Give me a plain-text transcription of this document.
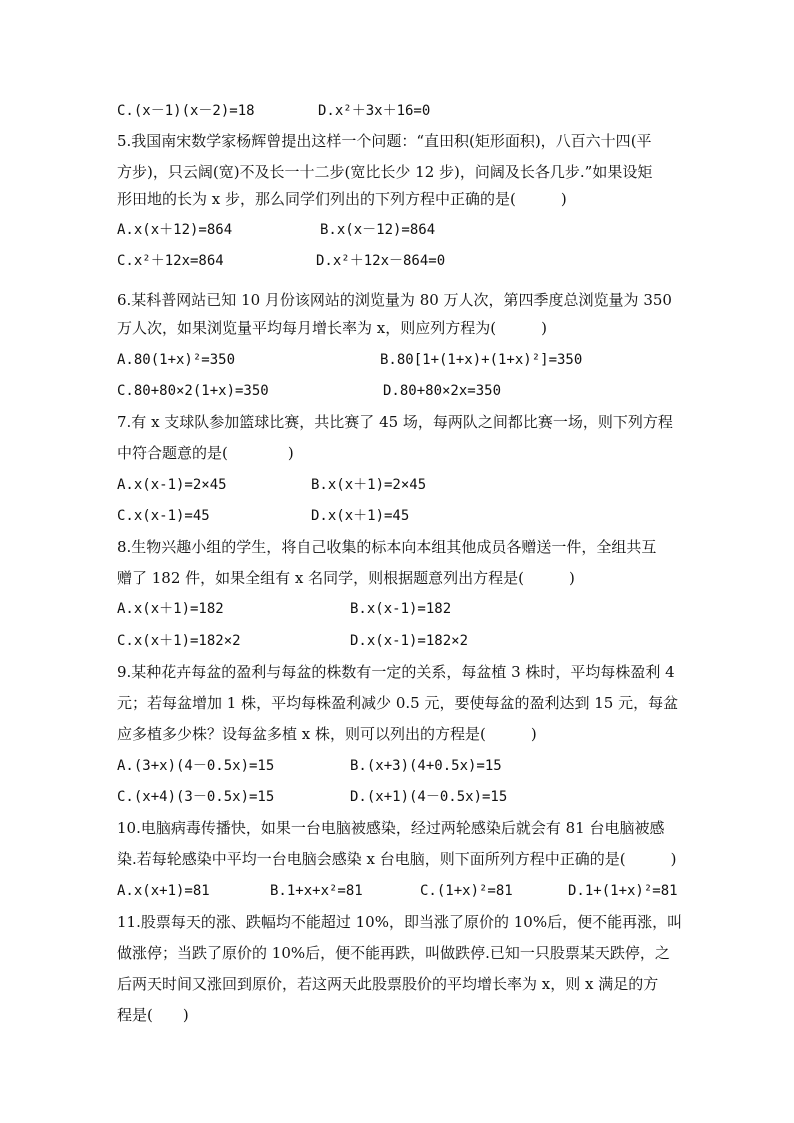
C.(x－1)(x－2)=18	D.x²＋3x＋16=0
5.我国南宋数学家杨辉曾提出这样一个问题：“直田积(矩形面积)，八百六十四(平
方步)，只云阔(宽)不及长一十二步(宽比长少 12 步)，问阔及长各几步.”如果设矩
形田地的长为 x 步，那么同学们列出的下列方程中正确的是(　　　)
A.x(x＋12)=864	B.x(x－12)=864
C.x²＋12x=864	D.x²＋12x－864=0
6.某科普网站已知 10 月份该网站的浏览量为 80 万人次，第四季度总浏览量为 350
万人次，如果浏览量平均每月增长率为 x，则应列方程为(　　　)
A.80(1+x)²=350	B.80[1+(1+x)+(1+x)²]=350
C.80+80×2(1+x)=350	D.80+80×2x=350
7.有 x 支球队参加篮球比赛，共比赛了 45 场，每两队之间都比赛一场，则下列方程
中符合题意的是(　　　　)
A.x(x-1)=2×45	B.x(x＋1)=2×45
C.x(x-1)=45	D.x(x＋1)=45
8.生物兴趣小组的学生，将自己收集的标本向本组其他成员各赠送一件，全组共互
赠了 182 件，如果全组有 x 名同学，则根据题意列出方程是(　　　)
A.x(x＋1)=182	B.x(x-1)=182
C.x(x＋1)=182×2	D.x(x-1)=182×2
9.某种花卉每盆的盈利与每盆的株数有一定的关系，每盆植 3 株时，平均每株盈利 4
元；若每盆增加 1 株，平均每株盈利减少 0.5 元，要使每盆的盈利达到 15 元，每盆
应多植多少株？设每盆多植 x 株，则可以列出的方程是(　　　)
A.(3+x)(4－0.5x)=15	B.(x+3)(4+0.5x)=15
C.(x+4)(3－0.5x)=15	D.(x+1)(4－0.5x)=15
10.电脑病毒传播快，如果一台电脑被感染，经过两轮感染后就会有 81 台电脑被感
染.若每轮感染中平均一台电脑会感染 x 台电脑，则下面所列方程中正确的是(　　　)
A.x(x+1)=81	B.1+x+x²=81	C.(1+x)²=81	D.1+(1+x)²=81
11.股票每天的涨、跌幅均不能超过 10%，即当涨了原价的 10%后，便不能再涨，叫
做涨停；当跌了原价的 10%后，便不能再跌，叫做跌停.已知一只股票某天跌停，之
后两天时间又涨回到原价，若这两天此股票股价的平均增长率为 x，则 x 满足的方
程是(　　)
